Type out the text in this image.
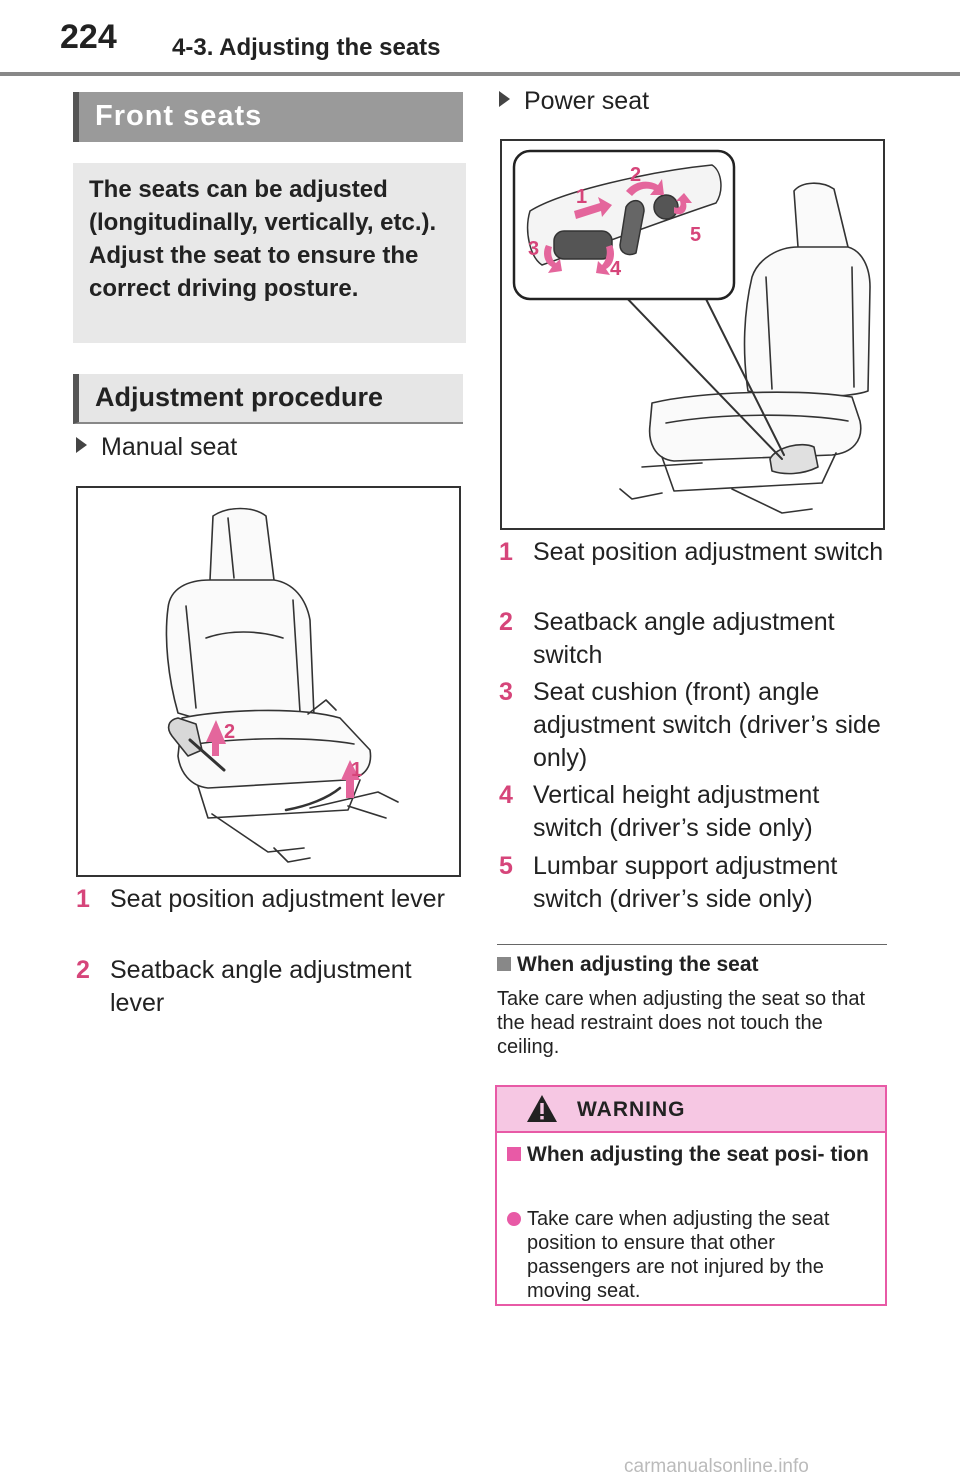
224 4-3. Adjusting the seats
Front seats

The seats can be adjusted (longitudinally, vertically, etc.). Adjust the seat to ensure the correct driving posture.

Adjustment procedure
Manual seat
2
1
1 Seat position adjustment lever
2 Seatback angle adjustment lever
Power seat
1
2
3
4
5
1 Seat position adjustment switch
2 Seatback angle adjustment switch
3 Seat cushion (front) angle adjustment switch (driver’s side only)
4 Vertical height adjustment switch (driver’s side only)
5 Lumbar support adjustment switch (driver’s side only)
When adjusting the seat
Take care when adjusting the seat so that the head restraint does not touch the ceiling.
WARNING
When adjusting the seat posi- tion
Take care when adjusting the seat position to ensure that other passengers are not injured by the moving seat.
carmanualsonline.info
